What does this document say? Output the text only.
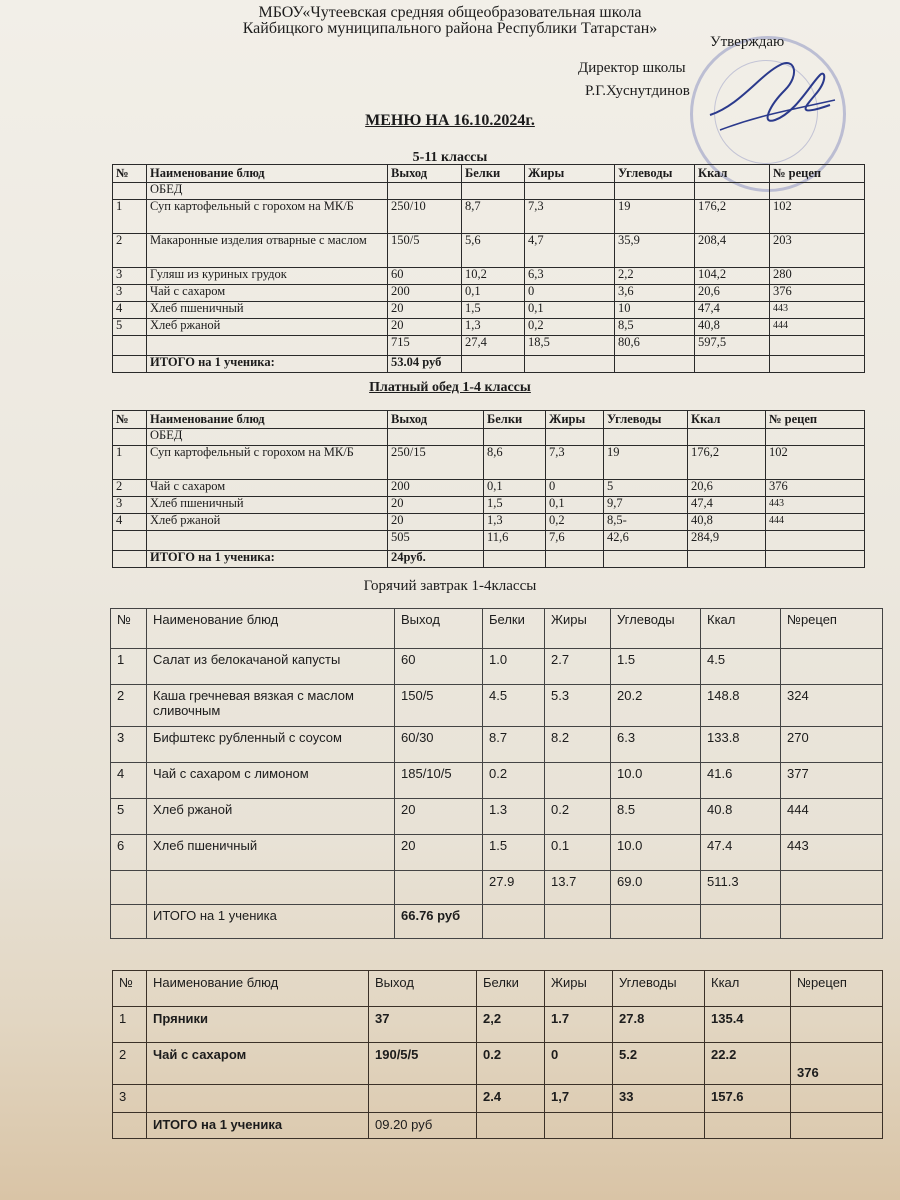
МБОУ«Чутеевская средняя общеобразовательная школа
Кайбицкого муниципального района Республики Татарстан»
Утверждаю
Директор школы
Р.Г.Хуснутдинов
МЕНЮ НА 16.10.2024г.
5-11 классы
№	Наименование блюд	Выход	Белки	Жиры	Углеводы	Ккал	№ рецеп
	ОБЕД						
1	Суп картофельный с горохом на МК/Б	250/10	8,7	7,3	19	176,2	102
2	Макаронные изделия отварные с маслом	150/5	5,6	4,7	35,9	208,4	203
3	Гуляш из куриных грудок	60	10,2	6,3	2,2	104,2	280
3	Чай с сахаром	200	0,1	0	3,6	20,6	376
4	Хлеб пшеничный	20	1,5	0,1	10	47,4	443
5	Хлеб ржаной	20	1,3	0,2	8,5	40,8	444
		715	27,4	18,5	80,6	597,5	
	ИТОГО на 1 ученика:	53.04 руб					
Платный обед 1-4 классы
№	Наименование блюд	Выход	Белки	Жиры	Углеводы	Ккал	№ рецеп
	ОБЕД						
1	Суп картофельный с горохом на МК/Б	250/15	8,6	7,3	19	176,2	102
2	Чай с сахаром	200	0,1	0	5	20,6	376
3	Хлеб пшеничный	20	1,5	0,1	9,7	47,4	443
4	Хлеб ржаной	20	1,3	0,2	8,5-	40,8	444
		505	11,6	7,6	42,6	284,9	
	ИТОГО на 1 ученика:	24руб.					
Горячий завтрак 1-4классы
№	Наименование блюд	Выход	Белки	Жиры	Углеводы	Ккал	№рецеп
1	Салат из белокачаной капусты	60	1.0	2.7	1.5	4.5	
2	Каша гречневая вязкая с маслом сливочным	150/5	4.5	5.3	20.2	148.8	324
3	Бифштекс рубленный с соусом	60/30	8.7	8.2	6.3	133.8	270
4	Чай с сахаром с лимоном	185/10/5	0.2		10.0	41.6	377
5	Хлеб ржаной	20	1.3	0.2	8.5	40.8	444
6	Хлеб пшеничный	20	1.5	0.1	10.0	47.4	443
			27.9	13.7	69.0	511.3	
	ИТОГО на 1 ученика	66.76 руб					
№	Наименование блюд	Выход	Белки	Жиры	Углеводы	Ккал	№рецеп
1	Пряники	37	2,2	1.7	27.8	135.4	
2	Чай с сахаром	190/5/5	0.2	0	5.2	22.2	376
3			2.4	1,7	33	157.6	
	ИТОГО на 1 ученика	09.20 руб					
